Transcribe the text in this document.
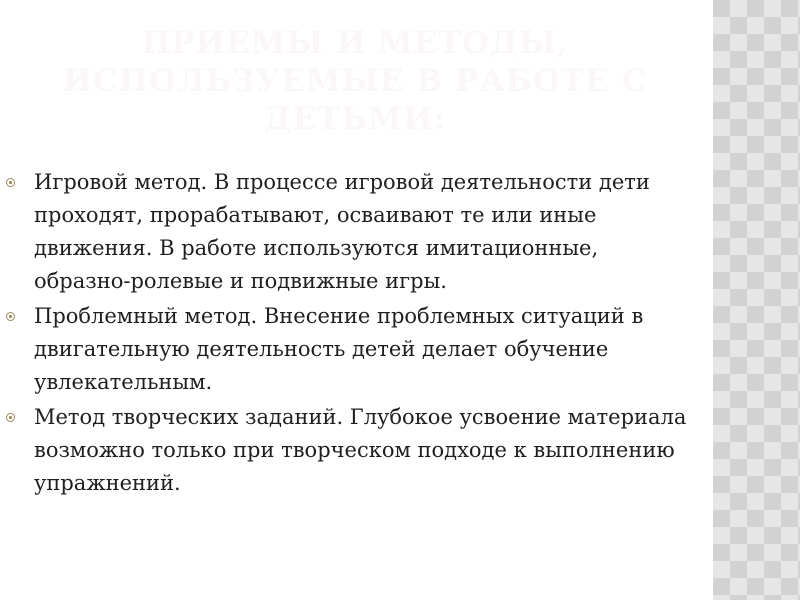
ПРИЕМЫ И МЕТОДЫ,
ИСПОЛЬЗУЕМЫЕ В РАБОТЕ С
ДЕТЬМИ:
Игровой метод. В процессе игровой деятельности дети проходят, прорабатывают, осваивают те или иные движения. В работе используются имитационные, образно-ролевые и подвижные игры.
Проблемный метод. Внесение проблемных ситуаций в двигательную деятельность детей делает обучение увлекательным.
Метод творческих заданий. Глубокое усвоение материала возможно только при творческом подходе к выполнению упражнений.
